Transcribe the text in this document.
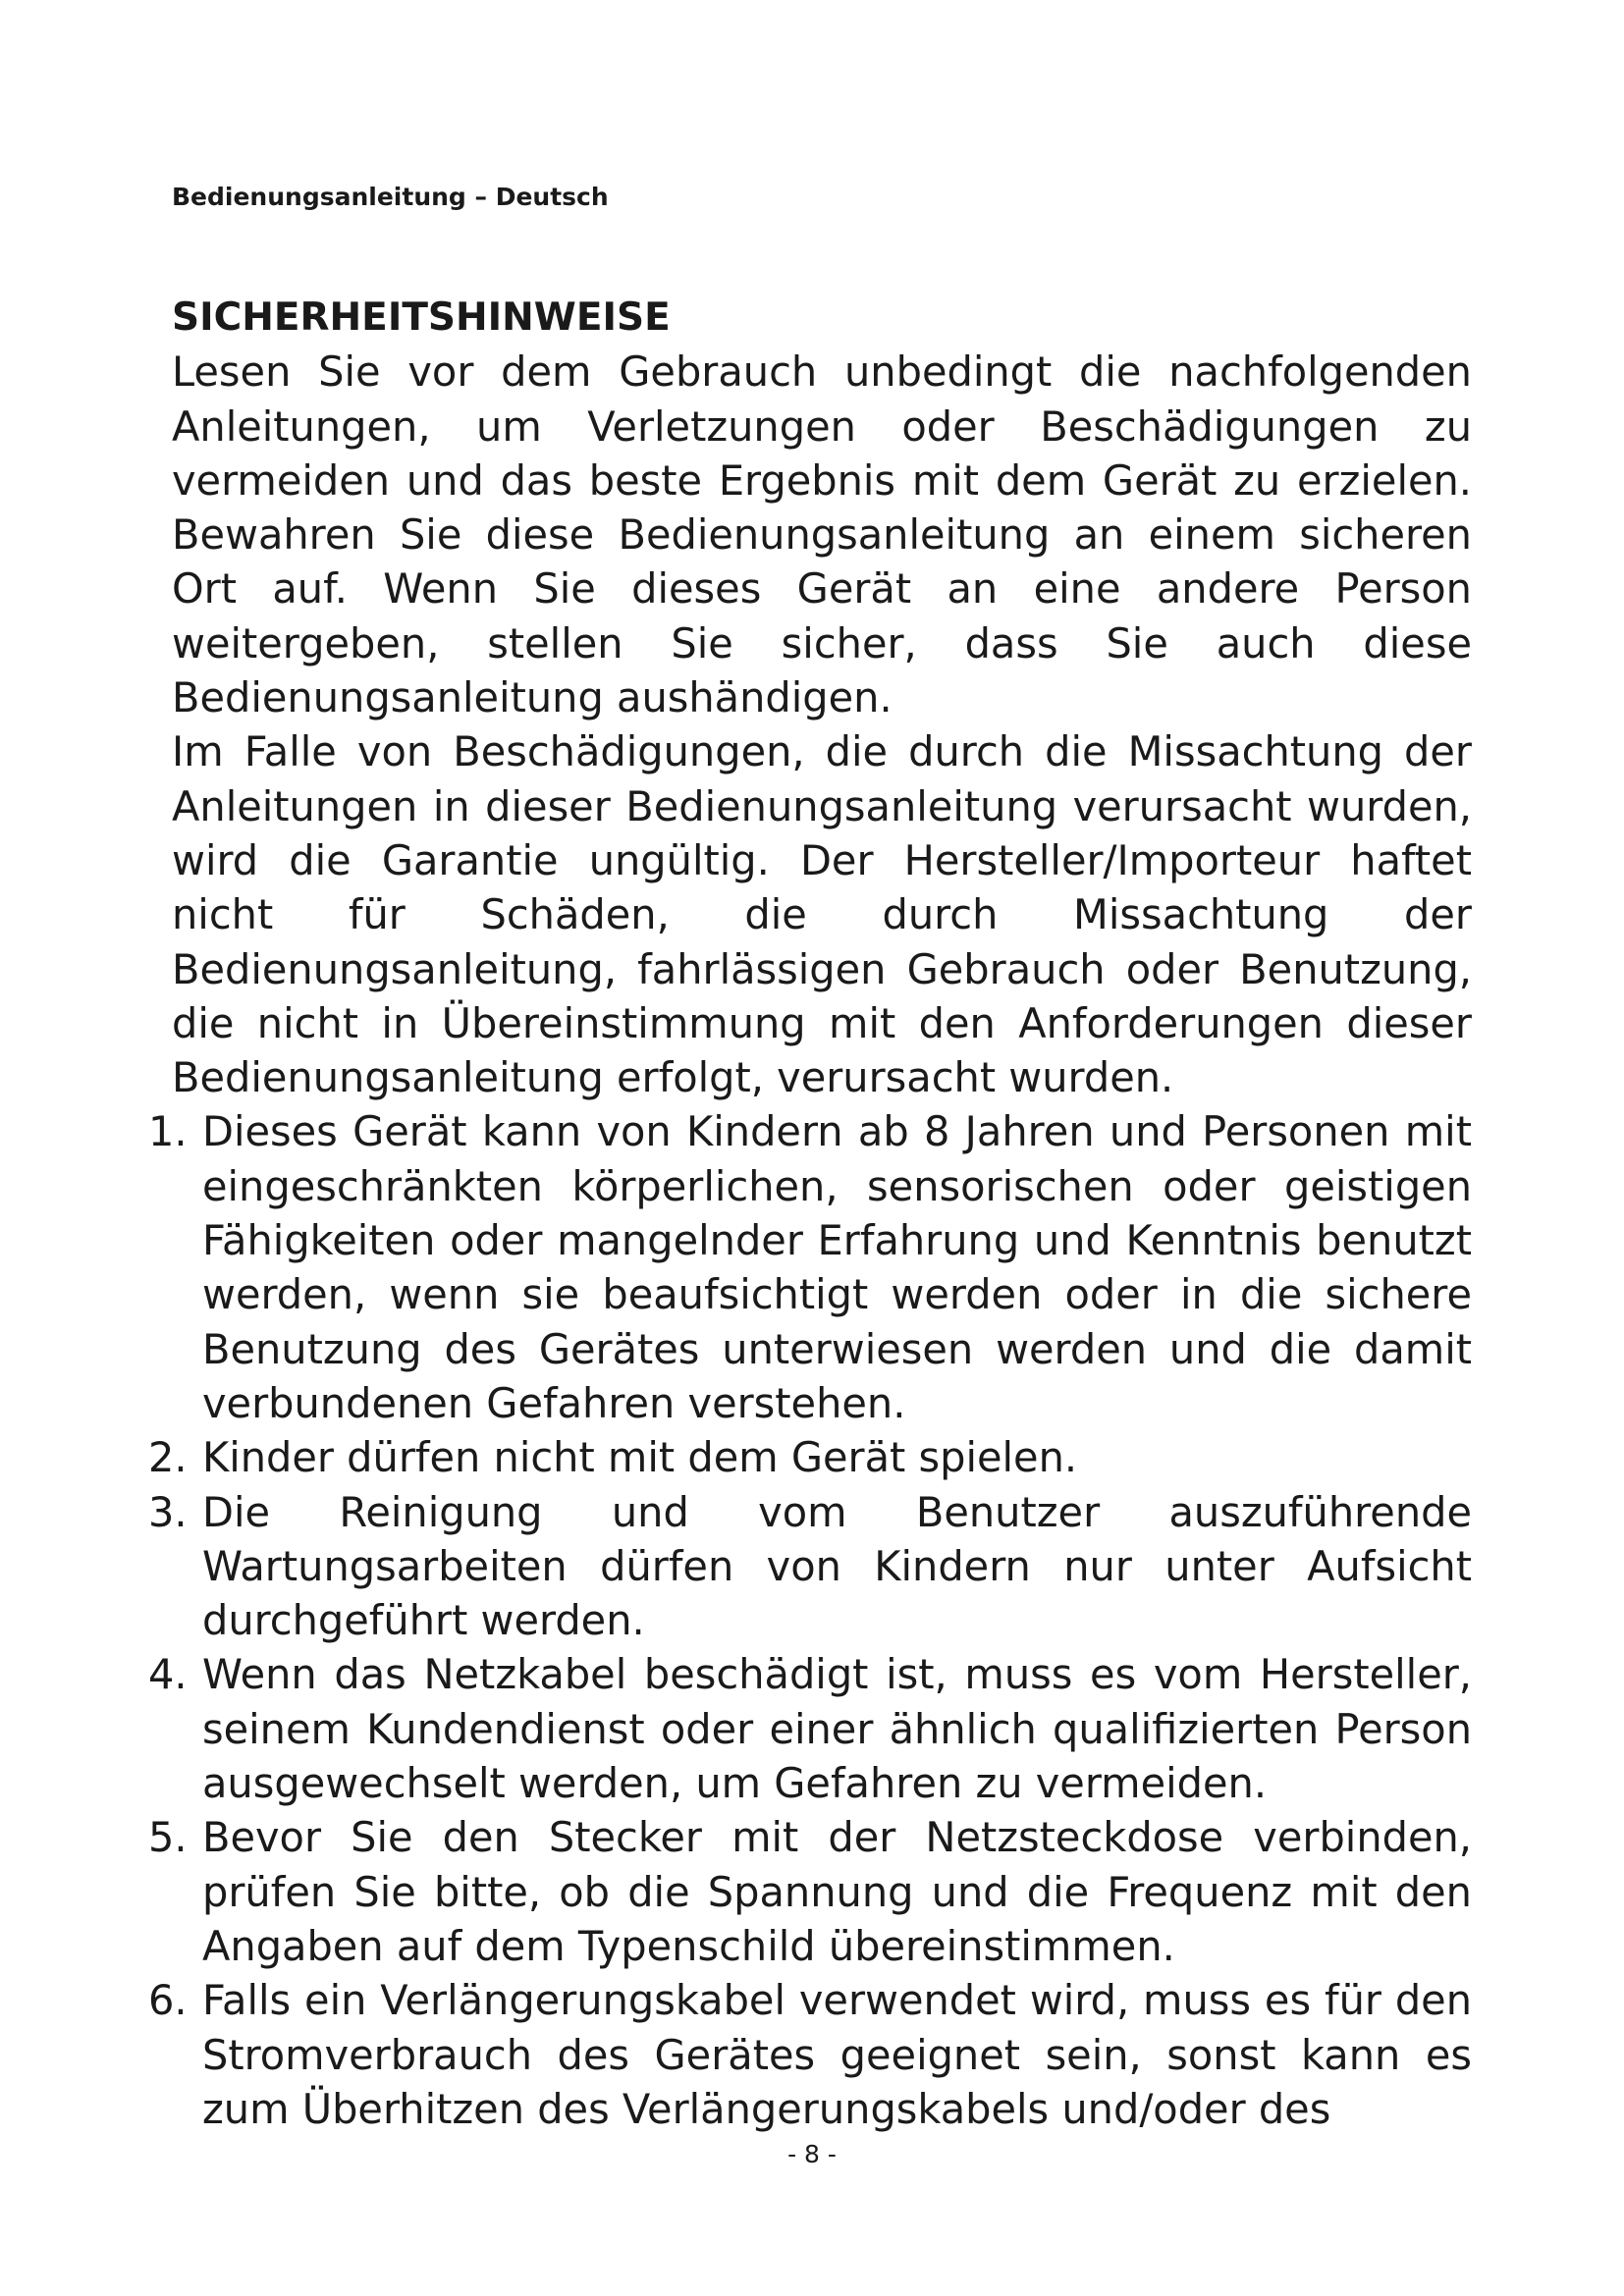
Bedienungsanleitung – Deutsch
SICHERHEITSHINWEISE

Lesen Sie vor dem Gebrauch unbedingt die nachfolgenden Anleitungen, um Verletzungen oder Beschädigungen zu vermeiden und das beste Ergebnis mit dem Gerät zu erzielen. Bewahren Sie diese Bedienungsanleitung an einem sicheren Ort auf. Wenn Sie dieses Gerät an eine andere Person weitergeben, stellen Sie sicher, dass Sie auch diese Bedienungsanleitung aushändigen.

Im Falle von Beschädigungen, die durch die Missachtung der Anleitungen in dieser Bedienungsanleitung verursacht wurden, wird die Garantie ungültig. Der Hersteller/Importeur haftet nicht für Schäden, die durch Missachtung der Bedienungsanleitung, fahrlässigen Gebrauch oder Benutzung, die nicht in Übereinstimmung mit den Anforderungen dieser Bedienungsanleitung erfolgt, verursacht wurden.

1. Dieses Gerät kann von Kindern ab 8 Jahren und Personen mit eingeschränkten körperlichen, sensorischen oder geistigen Fähigkeiten oder mangelnder Erfahrung und Kenntnis benutzt werden, wenn sie beaufsichtigt werden oder in die sichere Benutzung des Gerätes unterwiesen werden und die damit verbundenen Gefahren verstehen.
2. Kinder dürfen nicht mit dem Gerät spielen.
3. Die Reinigung und vom Benutzer auszuführende Wartungsarbeiten dürfen von Kindern nur unter Aufsicht durchgeführt werden.
4. Wenn das Netzkabel beschädigt ist, muss es vom Hersteller, seinem Kundendienst oder einer ähnlich qualifizierten Person ausgewechselt werden, um Gefahren zu vermeiden.
5. Bevor Sie den Stecker mit der Netzsteckdose verbinden, prüfen Sie bitte, ob die Spannung und die Frequenz mit den Angaben auf dem Typenschild übereinstimmen.
6. Falls ein Verlängerungskabel verwendet wird, muss es für den Stromverbrauch des Gerätes geeignet sein, sonst kann es zum Überhitzen des Verlängerungskabels und/oder des
- 8 -
